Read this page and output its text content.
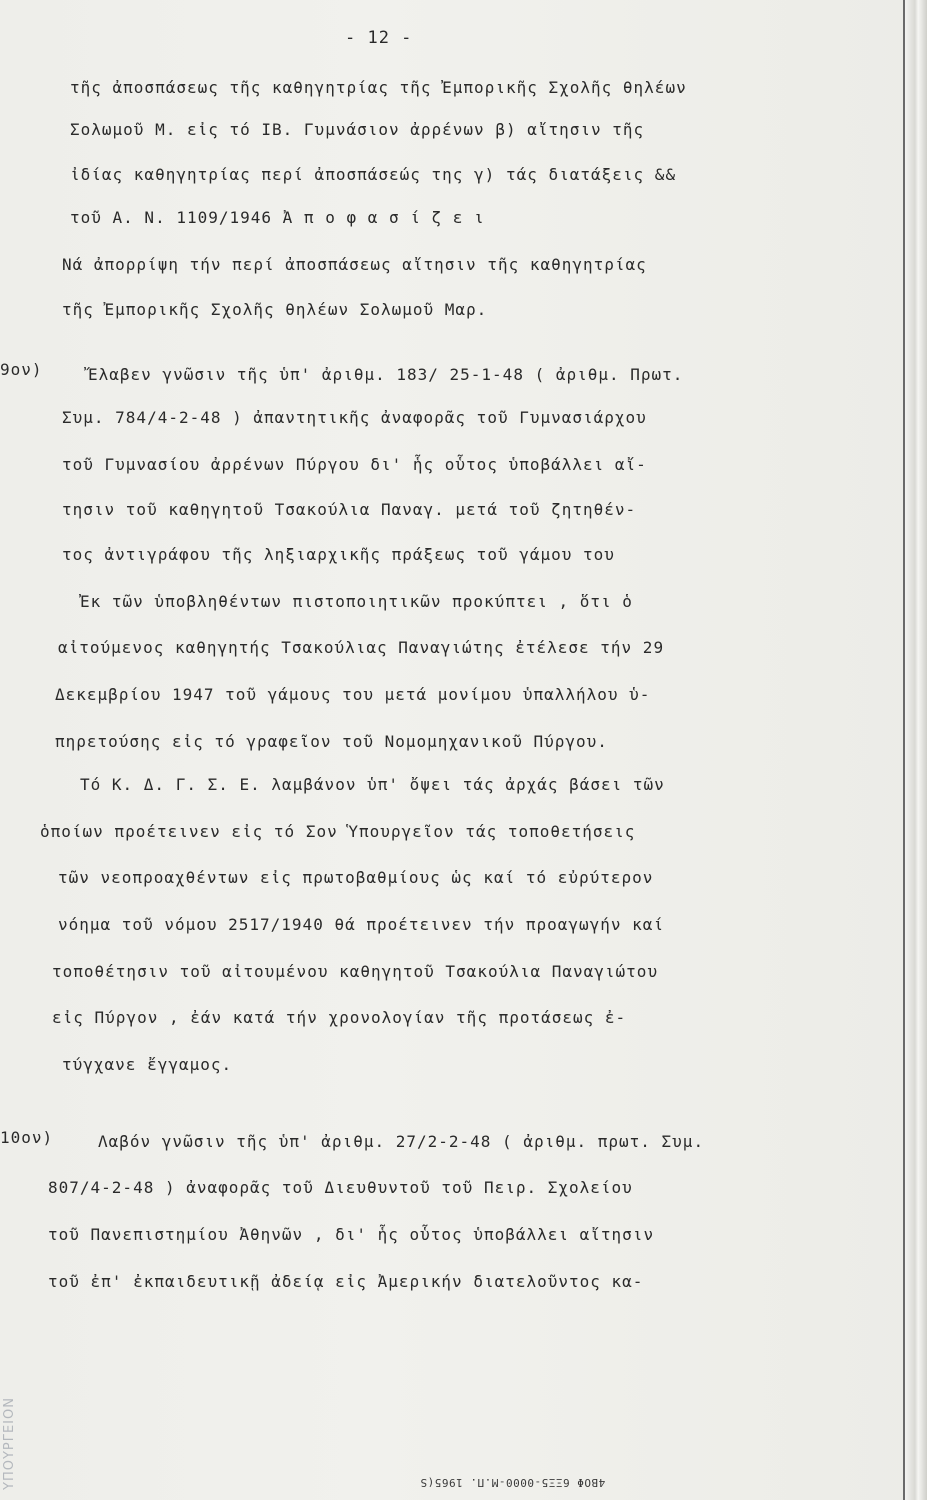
ΥΠΟΥΡΓΕΙΟΝ
- 12 -
τῆς ἀποσπάσεως τῆς καθηγητρίας τῆς Ἐμπορικῆς Σχολῆς θηλέων
Σολωμοῦ Μ. εἰς τό ΙΒ. Γυμνάσιον ἀρρένων β) αἴτησιν τῆς
ἰδίας καθηγητρίας περί ἀποσπάσεώς της γ) τάς διατάξεις &&
τοῦ Α. Ν. 1109/1946 Ἀ π ο φ α σ ί ζ ε ι
Νά ἀπορρίψη τήν περί ἀποσπάσεως αἴτησιν τῆς καθηγητρίας
τῆς Ἐμπορικῆς Σχολῆς θηλέων Σολωμοῦ Μαρ.
9ον)	Ἔλαβεν γνῶσιν τῆς ὑπ' ἀριθμ. 183/ 25-1-48 ( ἀριθμ. Πρωτ.
Συμ. 784/4-2-48 ) ἀπαντητικῆς ἀναφορᾶς τοῦ Γυμνασιάρχου
τοῦ Γυμνασίου ἀρρένων Πύργου δι' ἧς οὗτος ὑποβάλλει αἴ-
τησιν τοῦ καθηγητοῦ Τσακούλια Παναγ. μετά τοῦ ζητηθέν-
τος ἀντιγράφου τῆς ληξιαρχικῆς πράξεως τοῦ γάμου του
Ἐκ τῶν ὑποβληθέντων πιστοποιητικῶν προκύπτει , ὅτι ὁ
αἰτούμενος καθηγητής Τσακούλιας Παναγιώτης ἐτέλεσε τήν 29
Δεκεμβρίου 1947 τοῦ γάμους του μετά μονίμου ὑπαλλήλου ὑ-
πηρετούσης εἰς τό γραφεῖον τοῦ Νομομηχανικοῦ Πύργου.
Τό Κ. Δ. Γ. Σ. Ε. λαμβάνον ὑπ' ὄψει τάς ἀρχάς βάσει τῶν
ὁποίων προέτεινεν εἰς τό Σον Ὑπουργεῖον τάς τοποθετήσεις
τῶν νεοπροαχθέντων εἰς πρωτοβαθμίους ὡς καί τό εὐρύτερον
νόημα τοῦ νόμου 2517/1940 θά προέτεινεν τήν προαγωγήν καί
τοποθέτησιν τοῦ αἰτουμένου καθηγητοῦ Τσακούλια Παναγιώτου
εἰς Πύργον , ἐάν κατά τήν χρονολογίαν τῆς προτάσεως ἐ-
τύγχανε ἔγγαμος.
10ον)	Λαβόν γνῶσιν τῆς ὑπ' ἀριθμ. 27/2-2-48 ( ἀριθμ. πρωτ. Συμ.
807/4-2-48 ) ἀναφορᾶς τοῦ Διευθυντοῦ τοῦ Πειρ. Σχολείου
τοῦ Πανεπιστημίου Ἀθηνῶν , δι' ἧς οὗτος ὑποβάλλει αἴτησιν
τοῦ ἐπ' ἐκπαιδευτικῇ ἀδείᾳ εἰς Ἀμερικήν διατελοῦντος κα-
4ΒΟΦ 6ΞΞ5-0000-Μ.Π. 1965(S
